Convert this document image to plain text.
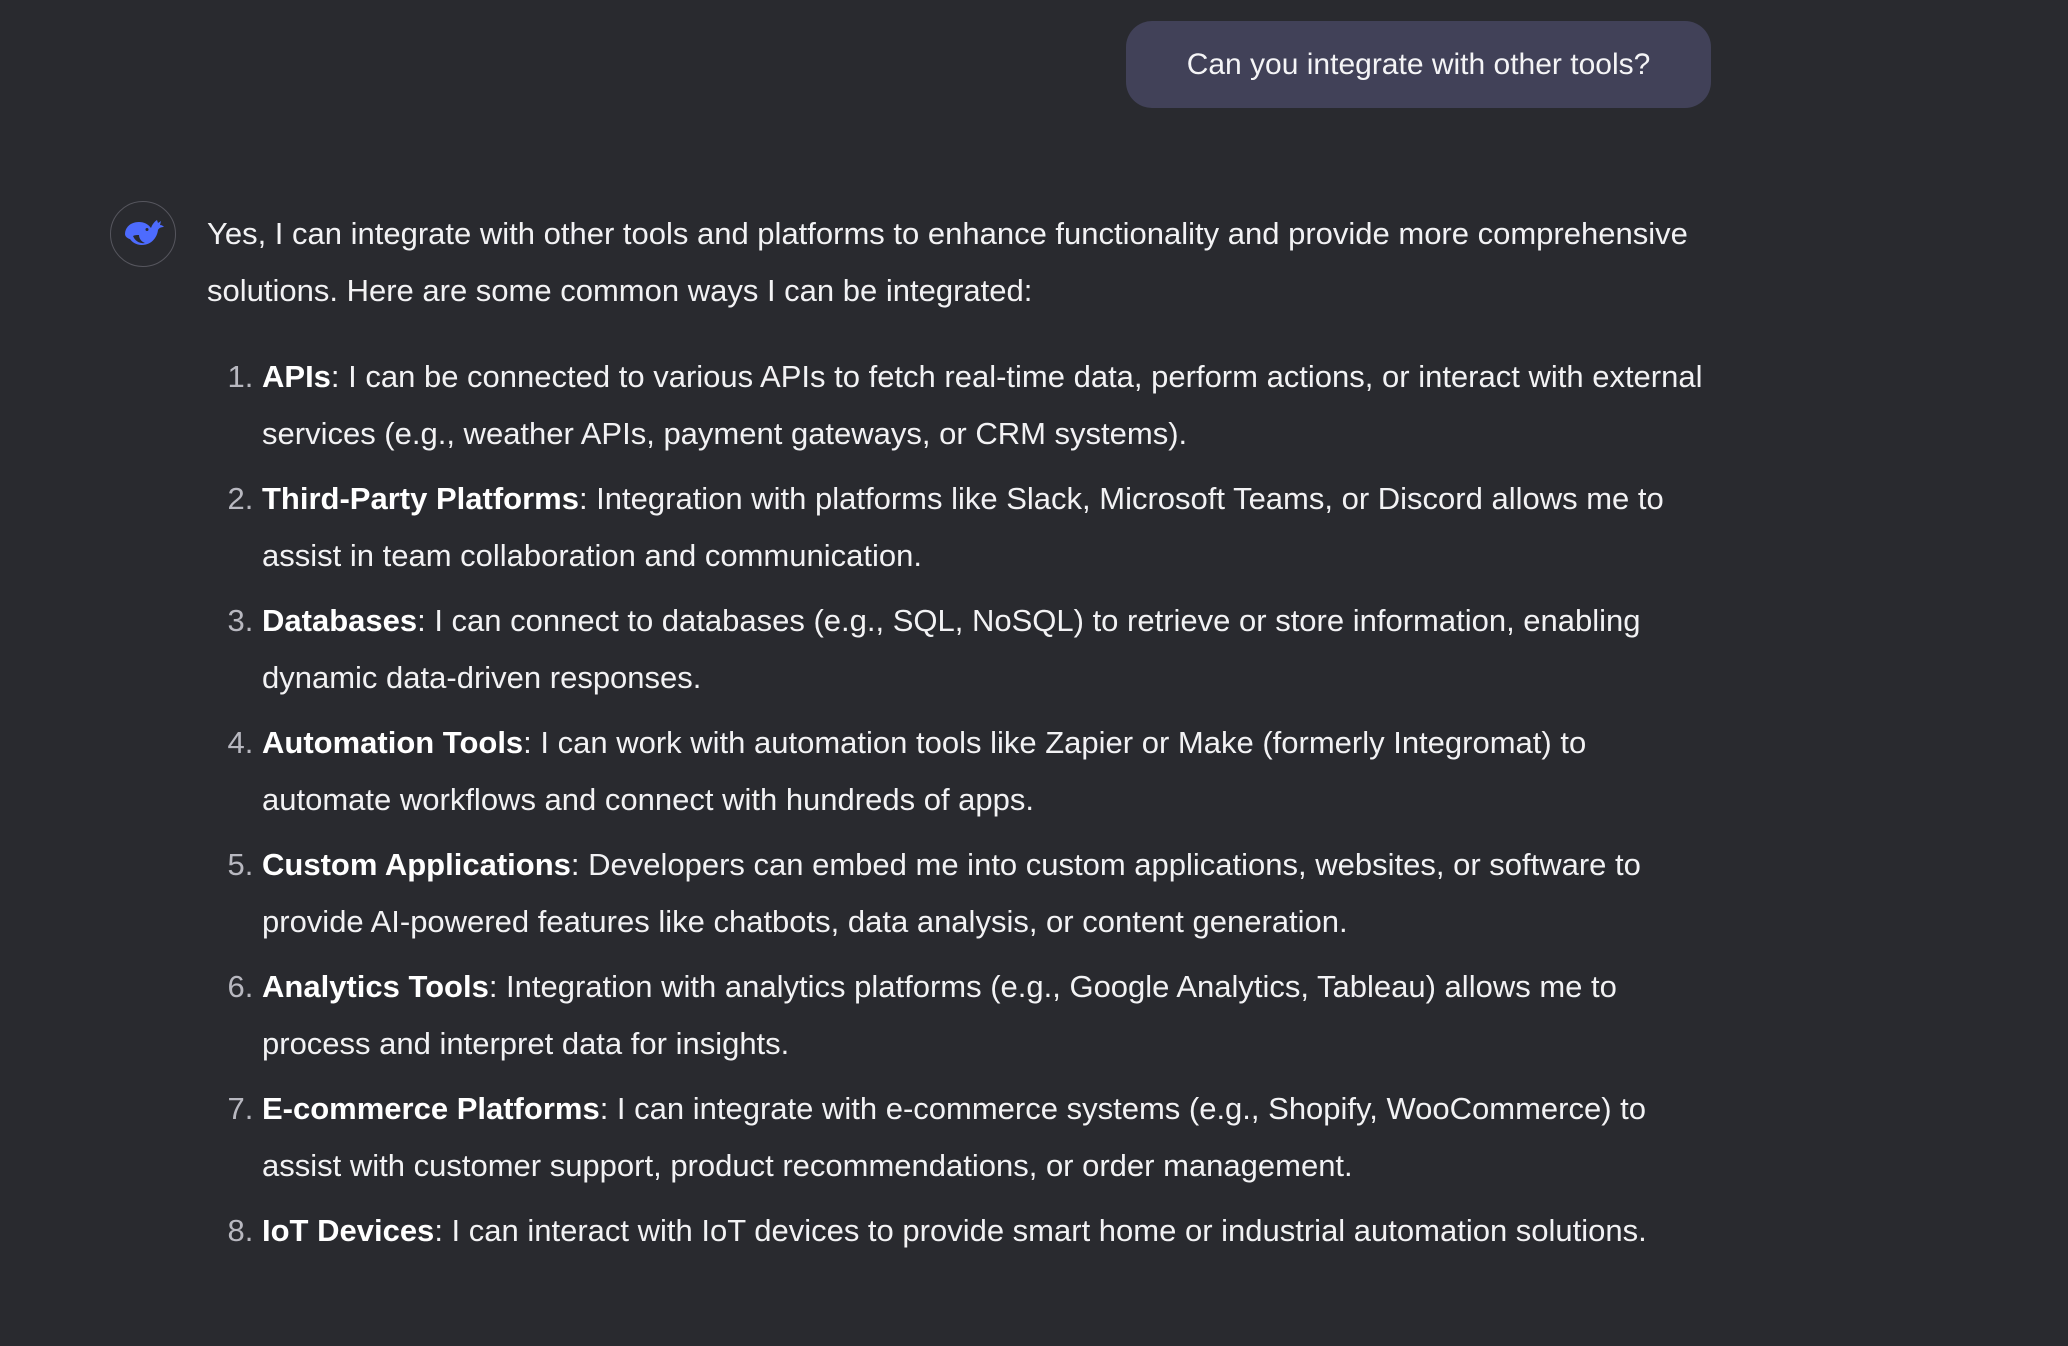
Can you integrate with other tools?

Yes, I can integrate with other tools and platforms to enhance functionality and provide more comprehensive solutions. Here are some common ways I can be integrated:

1. APIs: I can be connected to various APIs to fetch real-time data, perform actions, or interact with external services (e.g., weather APIs, payment gateways, or CRM systems).
2. Third-Party Platforms: Integration with platforms like Slack, Microsoft Teams, or Discord allows me to assist in team collaboration and communication.
3. Databases: I can connect to databases (e.g., SQL, NoSQL) to retrieve or store information, enabling dynamic data-driven responses.
4. Automation Tools: I can work with automation tools like Zapier or Make (formerly Integromat) to automate workflows and connect with hundreds of apps.
5. Custom Applications: Developers can embed me into custom applications, websites, or software to provide AI-powered features like chatbots, data analysis, or content generation.
6. Analytics Tools: Integration with analytics platforms (e.g., Google Analytics, Tableau) allows me to process and interpret data for insights.
7. E-commerce Platforms: I can integrate with e-commerce systems (e.g., Shopify, WooCommerce) to assist with customer support, product recommendations, or order management.
8. IoT Devices: I can interact with IoT devices to provide smart home or industrial automation solutions.
